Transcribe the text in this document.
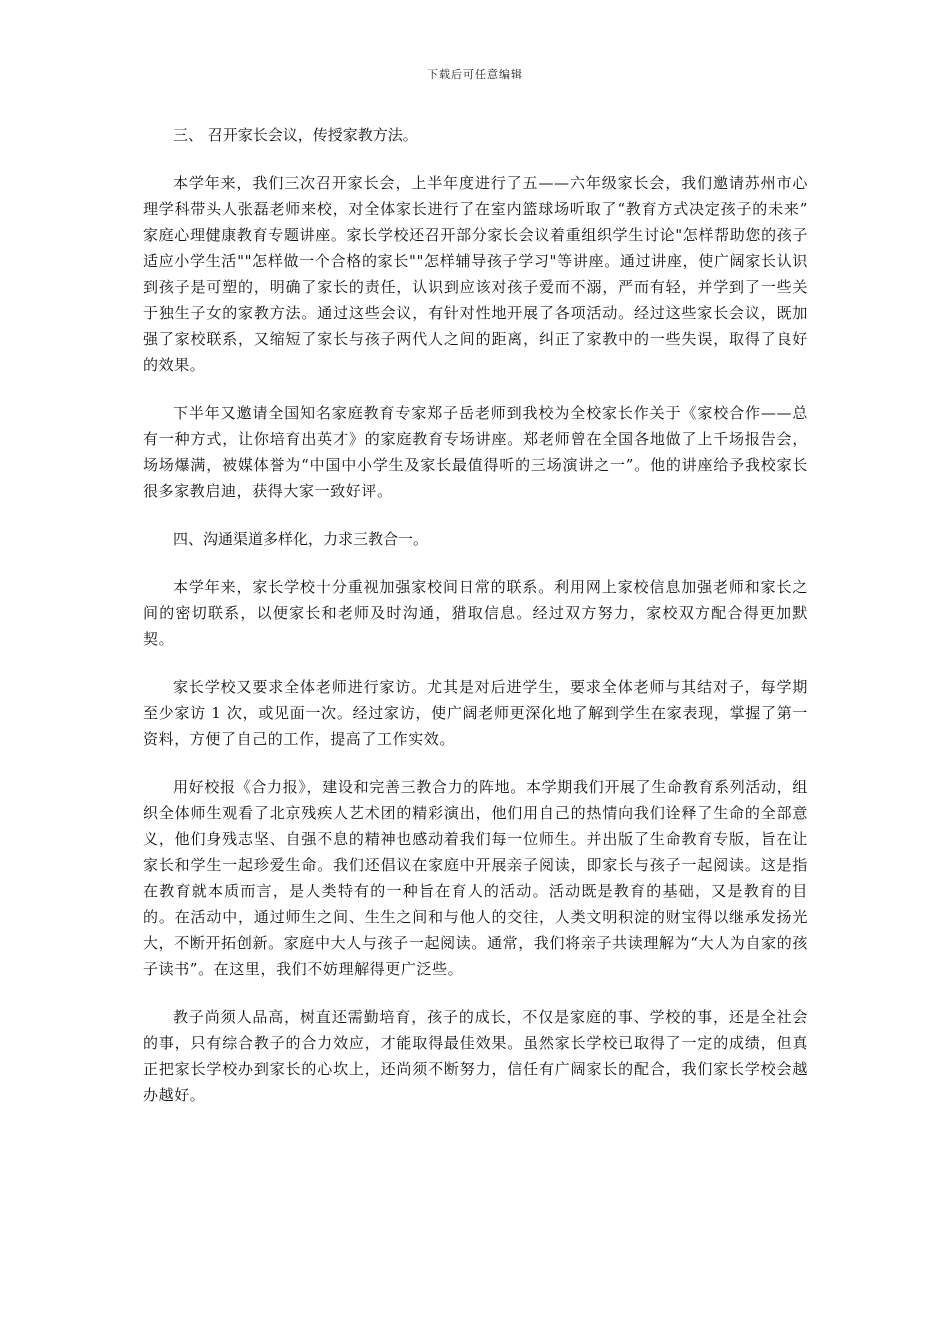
下载后可任意编辑

三、 召开家长会议，传授家教方法。

本学年来，我们三次召开家长会，上半年度进行了五——六年级家长会，我们邀请苏州市心理学科带头人张磊老师来校，对全体家长进行了在室内篮球场听取了“教育方式决定孩子的未来” 家庭心理健康教育专题讲座。家长学校还召开部分家长会议着重组织学生讨论"怎样帮助您的孩子适应小学生活""怎样做一个合格的家长""怎样辅导孩子学习"等讲座。通过讲座，使广阔家长认识到孩子是可塑的，明确了家长的责任，认识到应该对孩子爱而不溺，严而有轻，并学到了一些关于独生子女的家教方法。通过这些会议，有针对性地开展了各项活动。经过这些家长会议，既加强了家校联系，又缩短了家长与孩子两代人之间的距离，纠正了家教中的一些失误，取得了良好的效果。

下半年又邀请全国知名家庭教育专家郑子岳老师到我校为全校家长作关于《家校合作——总有一种方式，让你培育出英才》的家庭教育专场讲座。郑老师曾在全国各地做了上千场报告会，场场爆满，被媒体誉为“中国中小学生及家长最值得听的三场演讲之一”。他的讲座给予我校家长很多家教启迪，获得大家一致好评。

四、沟通渠道多样化，力求三教合一。

本学年来，家长学校十分重视加强家校间日常的联系。利用网上家校信息加强老师和家长之间的密切联系，以便家长和老师及时沟通，猎取信息。经过双方努力，家校双方配合得更加默契。

家长学校又要求全体老师进行家访。尤其是对后进学生，要求全体老师与其结对子，每学期至少家访 1 次，或见面一次。经过家访，使广阔老师更深化地了解到学生在家表现，掌握了第一资料，方便了自己的工作，提高了工作实效。

用好校报《合力报》，建设和完善三教合力的阵地。本学期我们开展了生命教育系列活动，组织全体师生观看了北京残疾人艺术团的精彩演出，他们用自己的热情向我们诠释了生命的全部意义，他们身残志坚、自强不息的精神也感动着我们每一位师生。并出版了生命教育专版，旨在让家长和学生一起珍爱生命。我们还倡议在家庭中开展亲子阅读，即家长与孩子一起阅读。这是指在教育就本质而言，是人类特有的一种旨在育人的活动。活动既是教育的基础，又是教育的目的。在活动中，通过师生之间、生生之间和与他人的交往，人类文明积淀的财宝得以继承发扬光大，不断开拓创新。家庭中大人与孩子一起阅读。通常，我们将亲子共读理解为“大人为自家的孩子读书”。在这里，我们不妨理解得更广泛些。

教子尚须人品高，树直还需勤培育，孩子的成长，不仅是家庭的事、学校的事，还是全社会的事，只有综合教子的合力效应，才能取得最佳效果。虽然家长学校已取得了一定的成绩，但真正把家长学校办到家长的心坎上，还尚须不断努力，信任有广阔家长的配合，我们家长学校会越办越好。
